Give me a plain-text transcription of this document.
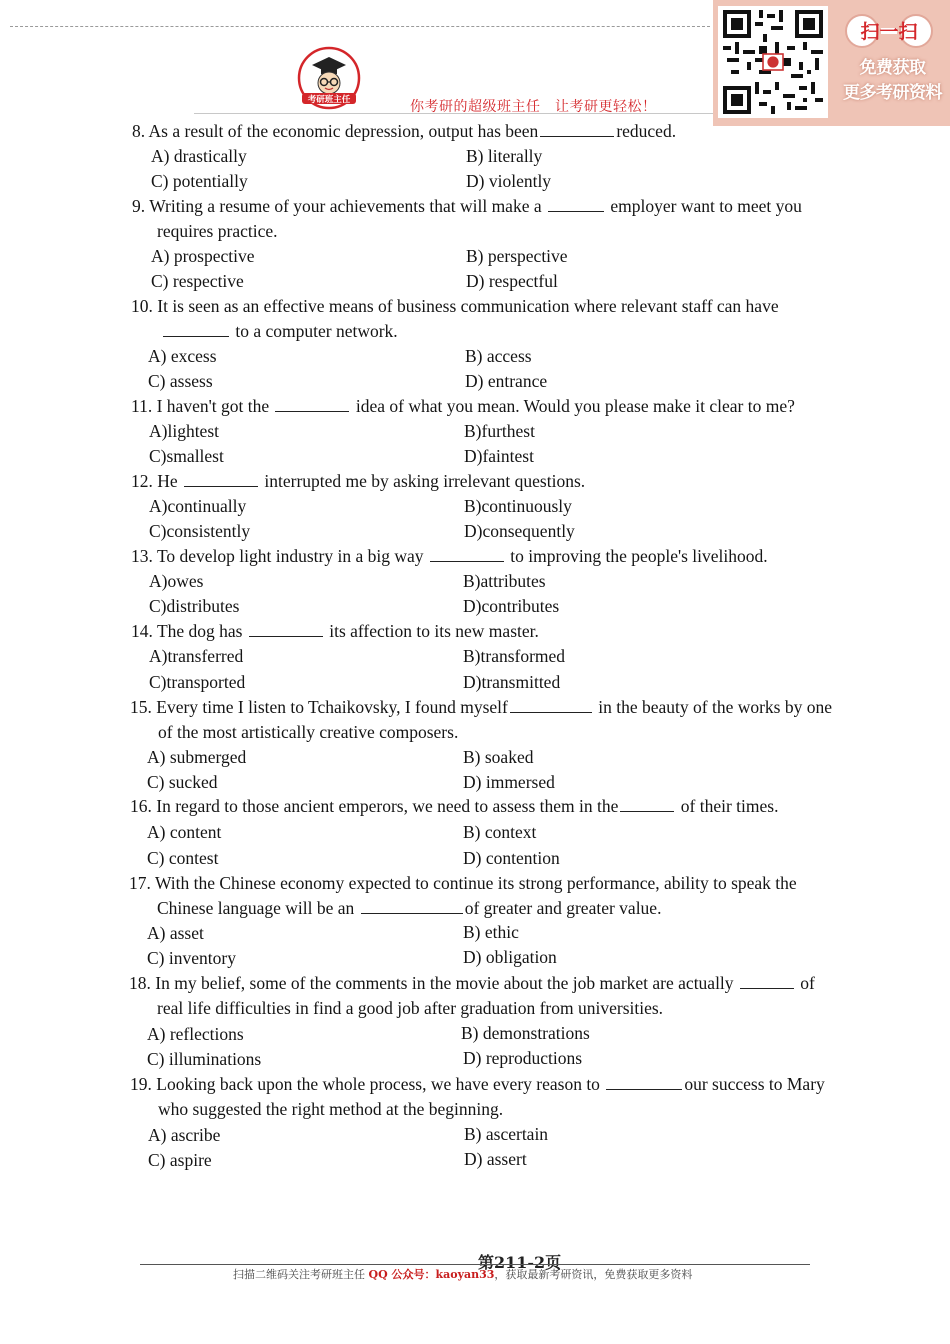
考研班主任	你考研的超级班主任　让考研更轻松！
扫一扫
免费获取
更多考研资料
8. As a result of the economic depression, output has been	reduced.
A) drastically	B) literally
C) potentially	D) violently
9. Writing a resume of your achievements that will make a	employer want to meet you
requires practice.
A) prospective	B) perspective
C) respective	D) respectful
10. It is seen as an effective means of business communication where relevant staff can have
to a computer network.
A) excess	B) access
C) assess	D) entrance
11. I haven't got the	idea of what you mean. Would you please make it clear to me?
A)lightest	B)furthest
C)smallest	D)faintest
12. He	interrupted me by asking irrelevant questions.
A)continually	B)continuously
C)consistently	D)consequently
13. To develop light industry in a big way	to improving the people's livelihood.
A)owes	B)attributes
C)distributes	D)contributes
14. The dog has	its affection to its new master.
A)transferred	B)transformed
C)transported	D)transmitted
15. Every time I listen to Tchaikovsky, I found myself	in the beauty of the works by one
of the most artistically creative composers.
A) submerged	B) soaked
C) sucked	D) immersed
16. In regard to those ancient emperors, we need to assess them in the	of their times.
A) content	B) context
C) contest	D) contention
17. With the Chinese economy expected to continue its strong performance, ability to speak the
Chinese language will be an	of greater and greater value.
A) asset	B) ethic
C) inventory	D) obligation
18. In my belief, some of the comments in the movie about the job market are actually	of
real life difficulties in find a good job after graduation from universities.
A) reflections	B) demonstrations
C) illuminations	D) reproductions
19. Looking back upon the whole process, we have every reason to	our success to Mary
who suggested the right method at the beginning.
A) ascribe	B) ascertain
C) aspire	D) assert
第211-2页
扫描二维码关注考研班主任 QQ 公众号：kaoyan33，获取最新考研资讯，免费获取更多资料
